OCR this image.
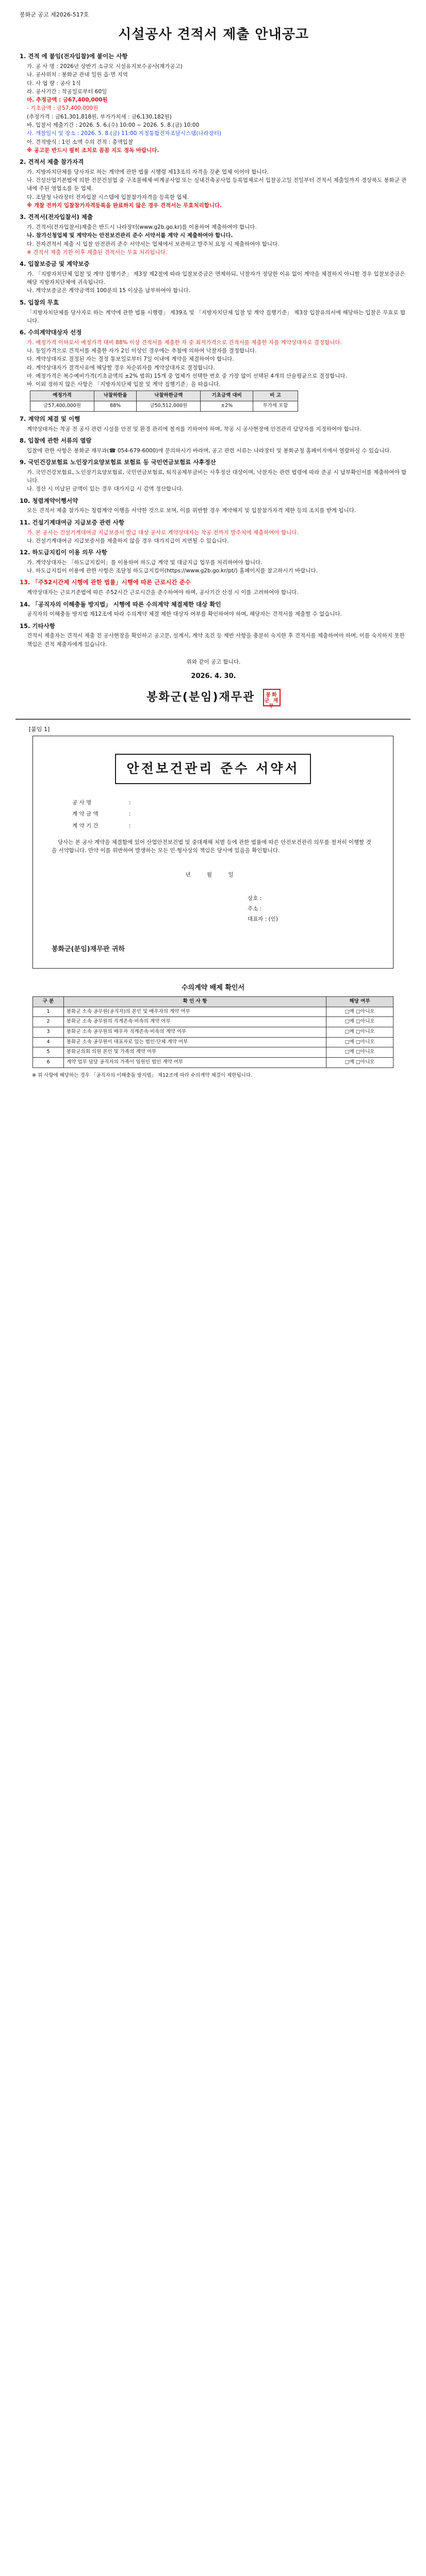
봉화군 공고 제2026-517호
시설공사 견적서 제출 안내공고
1. 견적 에 붙임(전자입찰)에 붙이는 사항
가. 공 사 명 : 2026년 상반기 소규모 시설유지보수공사(재가공고)
나. 공사위치 : 봉화군 관내 일원 읍·면 지역
다. 사 업 량 : 공사 1식
라. 공사기간 : 착공일로부터 60일
마. 추정금액 : 금67,400,000원
- 기초금액 : 금57,400,000원
(추정가격 : 금61,301,818원, 부가가치세 : 금6,130,182원)
바. 입찰서 제출기간 : 2026. 5. 6.(수) 10:00 ~ 2026. 5. 8.(금) 10:00
사. 개찰일시 및 장소 : 2026. 5. 8.(금) 11:00 지정통합전자조달시스템(나라장터)
아. 견적방식 : 1인 소액 수의 견적 : 총액입찰
※ 공고문 반드시 필히 조치로 꼼꼼 지도 정독 바랍니다.
2. 견적서 제출 참가자격
가. 지방자치단체를 당사자로 하는 계약에 관한 법률 시행령 제13조의 자격을 갖춘 업체 이어야 합니다.
나. 건설산업기본법에 의한 전문건설업 중 구조물해체·비계공사업 또는 실내건축공사업 등록업체로서 입찰공고일 전일부터 견적서 제출일까지 경상북도 봉화군 관내에 주된 영업소를 둔 업체.
다. 조달청 나라장터 전자입찰 시스템에 입찰참가자격을 등록한 업체.
※ 개찰 전까지 입찰참가자격등록을 완료하지 않은 경우 견적서는 무효처리합니다.
3. 견적서(전자입찰서) 제출
가. 견적서(전자입찰서)제출은 반드시 나라장터(www.g2b.go.kr)를 이용하여 제출하여야 합니다.
나. 참가신청업체 및 계약자는 안전보건관리 준수 서약서를 계약 시 제출하여야 합니다.
다. 전자견적서 제출 시 입찰 안전관리 준수 서약서는 업체에서 보관하고 발주처 요청 시 제출하여야 합니다.
※ 견적서 제출 기한 이후 제출된 견적서는 무효 처리됩니다.
4. 입찰보증금 및 계약보증
가. 「지방자치단체 입찰 및 계약 집행기준」 제3장 제2절에 따라 입찰보증금은 면제하되, 낙찰자가 정당한 이유 없이 계약을 체결하지 아니할 경우 입찰보증금은 해당 지방자치단체에 귀속됩니다.
나. 계약보증금은 계약금액의 100분의 15 이상을 납부하여야 합니다.
5. 입찰의 무효
「지방자치단체를 당사자로 하는 계약에 관한 법률 시행령」 제39조 및 「지방자치단체 입찰 및 계약 집행기준」 제3장 입찰유의서에 해당하는 입찰은 무효로 합니다.
6. 수의계약대상자 선정
가. 예정가격 이하로서 예정가격 대비 88% 이상 견적서를 제출한 자 중 최저가격으로 견적서를 제출한 자를 계약상대자로 결정합니다.
나. 동일가격으로 견적서를 제출한 자가 2인 이상인 경우에는 추첨에 의하여 낙찰자를 결정합니다.
다. 계약상대자로 결정된 자는 결정 통보일로부터 7일 이내에 계약을 체결하여야 합니다.
라. 계약상대자가 결격사유에 해당할 경우 차순위자를 계약상대자로 결정합니다.
마. 예정가격은 복수예비가격(기초금액의 ±2% 범위) 15개 중 업체가 선택한 번호 중 가장 많이 선택된 4개의 산술평균으로 결정합니다.
바. 이외 정하지 않은 사항은 「지방자치단체 입찰 및 계약 집행기준」을 따릅니다.
예정가격	낙찰하한율	낙찰하한금액	기초금액 대비	비 고
금57,400,000원	88%	금50,512,000원	±2%	부가세 포함
7. 계약의 체결 및 이행
계약상대자는 착공 전 공사 관련 시설물 안전 및 환경 관리에 철저를 기하여야 하며, 착공 시 공사현장에 안전관리 담당자를 지정하여야 합니다.
8. 입찰에 관한 서류의 열람
입찰에 관한 사항은 봉화군 재무과(☎ 054-679-6000)에 문의하시기 바라며, 공고 관련 서류는 나라장터 및 봉화군청 홈페이지에서 열람하실 수 있습니다.
9. 국민건강보험료 노인장기요양보험료 보험료 등 국민연금보험료 사후정산
가. 국민건강보험료, 노인장기요양보험료, 국민연금보험료, 퇴직공제부금비는 사후정산 대상이며, 낙찰자는 관련 법령에 따라 준공 시 납부확인서를 제출하여야 합니다.
나. 정산 시 미납된 금액이 있는 경우 대가지급 시 감액 정산합니다.
10. 청렴계약이행서약
모든 견적서 제출 참가자는 청렴계약 이행을 서약한 것으로 보며, 이를 위반할 경우 계약해지 및 입찰참가자격 제한 등의 조치를 받게 됩니다.
11. 건설기계대여금 지급보증 관련 사항
가. 본 공사는 건설기계대여금 지급보증서 발급 대상 공사로 계약상대자는 착공 전까지 발주처에 제출하여야 합니다.
나. 건설기계대여금 지급보증서를 제출하지 않을 경우 대가지급이 지연될 수 있습니다.
12. 하도급지킴이 이용 의무 사항
가. 계약상대자는 「하도급지킴이」를 이용하여 하도급 계약 및 대금지급 업무를 처리하여야 합니다.
나. 하도급지킴이 이용에 관한 사항은 조달청 하도급지킴이(https://www.g2b.go.kr/pt/) 홈페이지를 참고하시기 바랍니다.
13. 「주52시간제 시행에 관한 법률」시행에 따른 근로시간 준수
계약상대자는 근로기준법에 따른 주52시간 근로시간을 준수하여야 하며, 공사기간 산정 시 이를 고려하여야 합니다.
14. 「공직자의 이해충돌 방지법」 시행에 따른 수의계약 체결제한 대상 확인
공직자의 이해충돌 방지법 제12조에 따라 수의계약 체결 제한 대상자 여부를 확인하여야 하며, 해당자는 견적서를 제출할 수 없습니다.
15. 기타사항
견적서 제출자는 견적서 제출 전 공사현장을 확인하고 공고문, 설계서, 계약 조건 등 제반 사항을 충분히 숙지한 후 견적서를 제출하여야 하며, 이를 숙지하지 못한 책임은 견적 제출자에게 있습니다.
위와 같이 공고 합니다.
2026. 4. 30.
봉화군(분임)재무관 봉화군 재무
[붙임 1]
안전보건관리 준수 서약서
공 사 명	:
계 약 금 액	:
계 약 기 간	:
당사는 본 공사 계약을 체결함에 있어 산업안전보건법 및 중대재해 처벌 등에 관한 법률에 따른 안전보건관리 의무를 철저히 이행할 것을 서약합니다. 만약 이를 위반하여 발생하는 모든 민·형사상의 책임은 당사에 있음을 확인합니다.
년 월 일
상호 :
주소 :
대표자 : (인)
봉화군(분임)재무관 귀하
수의계약 배제 확인서
구 분	확 인 사 항	해당 여부
1	봉화군 소속 공무원(공직자)의 본인 및 배우자의 계약 여부	□예 □아니오
2	봉화군 소속 공무원의 직계존속·비속의 계약 여부	□예 □아니오
3	봉화군 소속 공무원의 배우자 직계존속·비속의 계약 여부	□예 □아니오
4	봉화군 소속 공무원이 대표자로 있는 법인·단체 계약 여부	□예 □아니오
5	봉화군의회 의원 본인 및 가족의 계약 여부	□예 □아니오
6	계약 업무 담당 공직자의 가족이 임원인 법인 계약 여부	□예 □아니오
※ 위 사항에 해당하는 경우 「공직자의 이해충돌 방지법」 제12조에 따라 수의계약 체결이 제한됩니다.
